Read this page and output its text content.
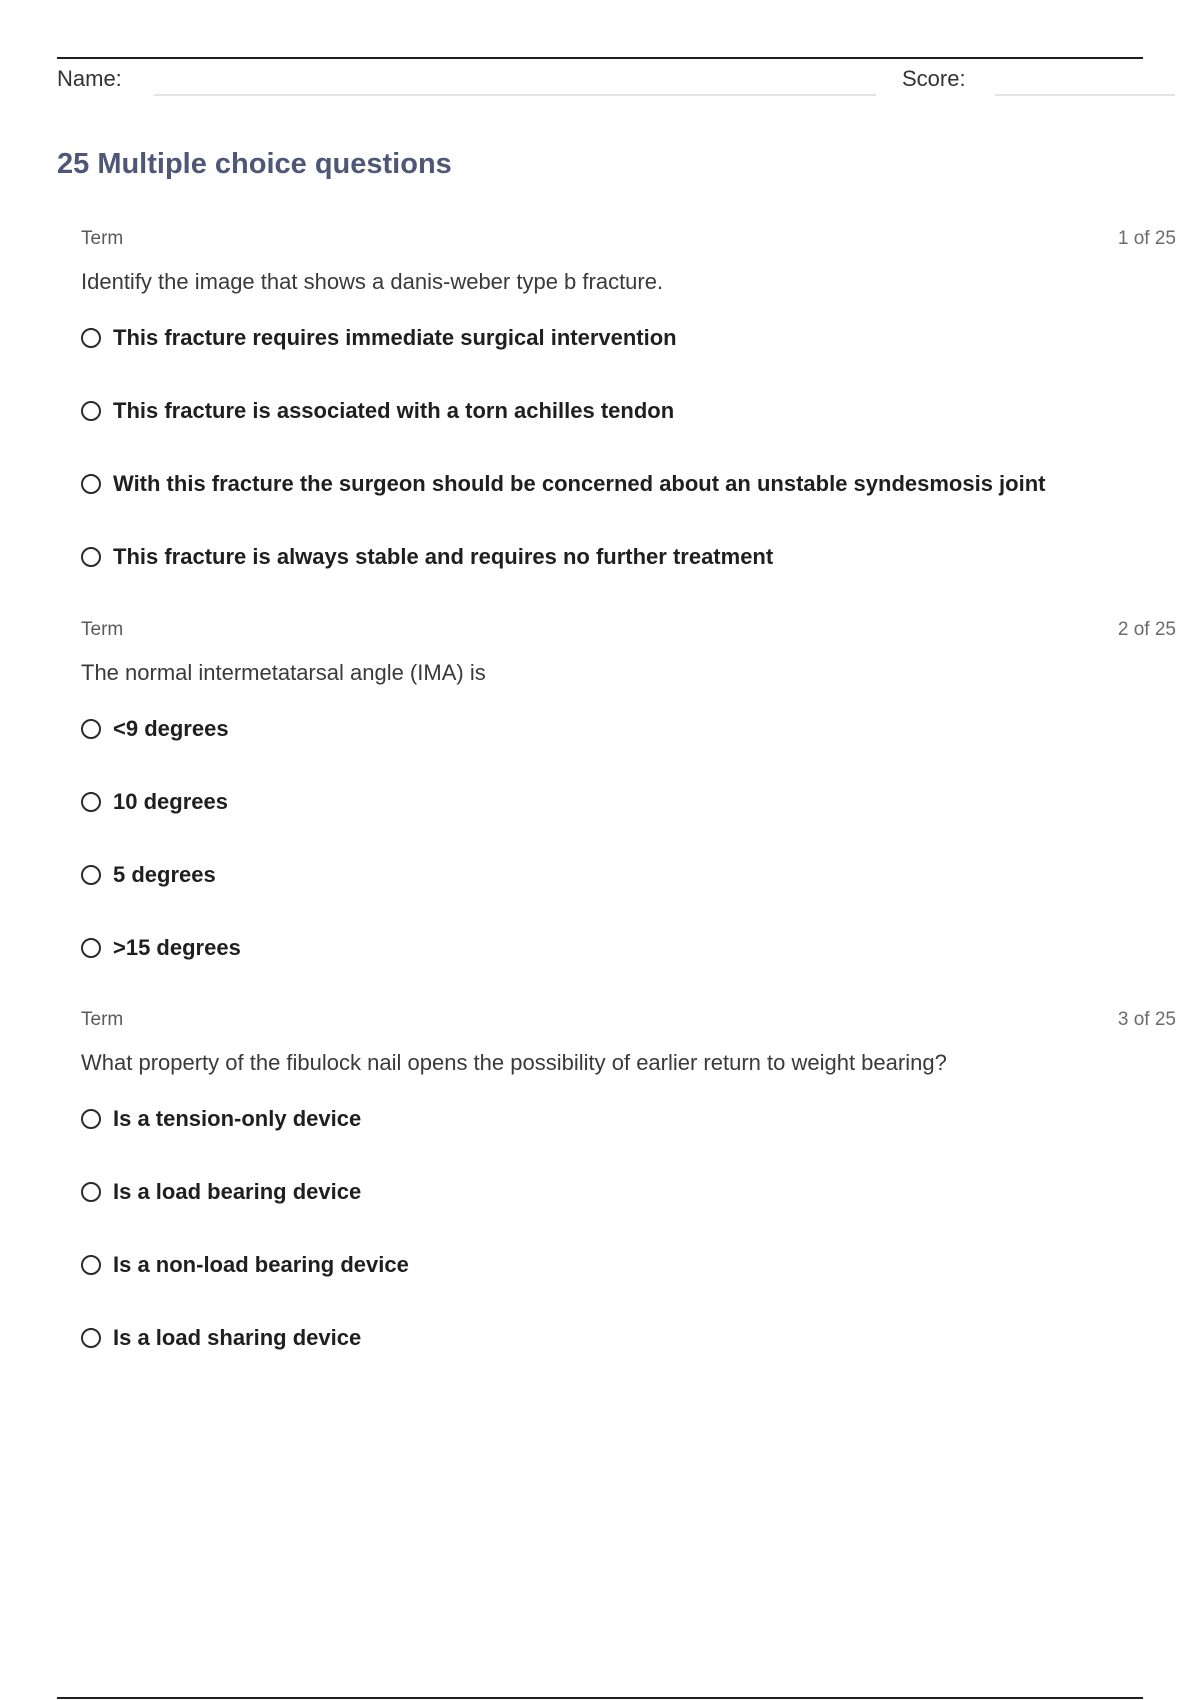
Name:	Score:
25 Multiple choice questions
Term	1 of 25
Identify the image that shows a danis-weber type b fracture.
This fracture requires immediate surgical intervention
This fracture is associated with a torn achilles tendon
With this fracture the surgeon should be concerned about an unstable syndesmosis joint
This fracture is always stable and requires no further treatment
Term	2 of 25
The normal intermetatarsal angle (IMA) is
<9 degrees
10 degrees
5 degrees
>15 degrees
Term	3 of 25
What property of the fibulock nail opens the possibility of earlier return to weight bearing?
Is a tension-only device
Is a load bearing device
Is a non-load bearing device
Is a load sharing device
